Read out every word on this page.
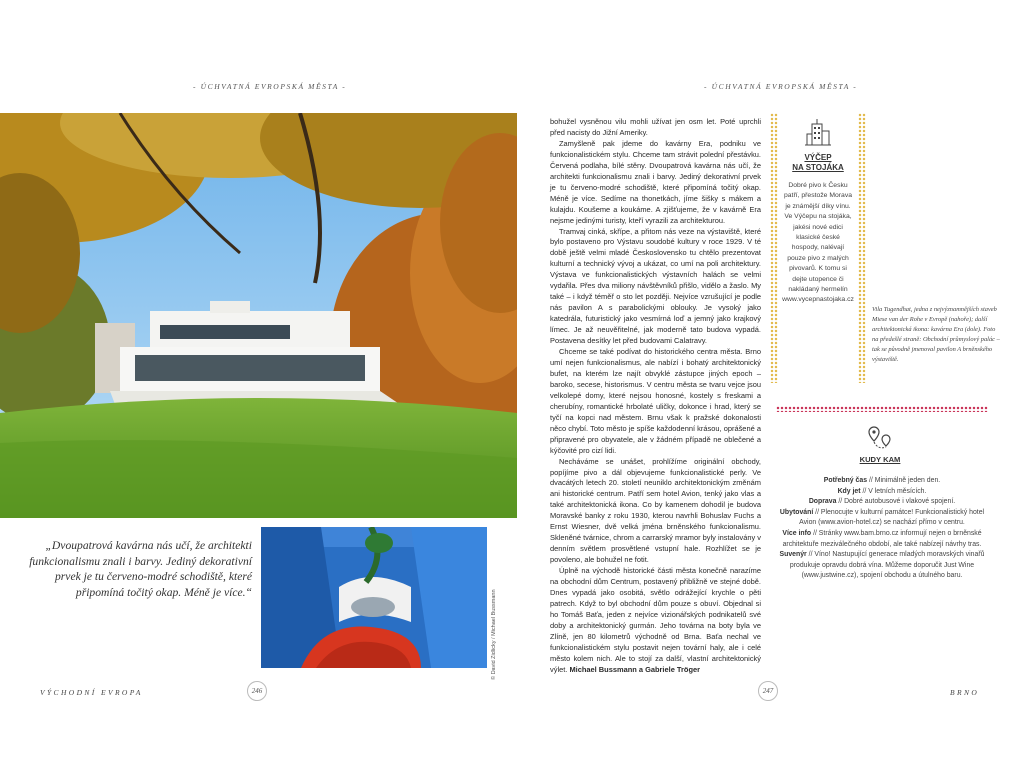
- ÚCHVATNÁ EVROPSKÁ MĚSTA -	- ÚCHVATNÁ EVROPSKÁ MĚSTA -
„Dvoupatrová kavárna nás učí, že architekti funkcionalismu znali i barvy. Jediný dekorativní prvek je tu červeno-modré schodiště, které připomíná točitý okap. Méně je více.“	© David Zidlicky / Michael Bussmann

bohužel vysněnou vilu mohli užívat jen osm let. Poté uprchli před nacisty do Jižní Ameriky.

Zamyšleně pak jdeme do kavárny Era, podniku ve funkcionalistickém stylu. Chceme tam strávit polední přestávku. Červená podlaha, bílé stěny. Dvoupatrová kavárna nás učí, že architekti funkcionalismu znali i barvy. Jediný dekorativní prvek je tu červeno-modré schodiště, které připomíná točitý okap. Méně je více. Sedíme na thonetkách, jíme šišky s mákem a kulajdu. Koušeme a koukáme. A zjišťujeme, že v kavárně Era nejsme jedinými turisty, kteří vyrazili za architekturou.

Tramvaj cinká, skřípe, a přitom nás veze na výstaviště, které bylo postaveno pro Výstavu soudobé kultury v roce 1929. V té době ještě velmi mladé Československo tu chtělo prezentovat kulturní a technický vývoj a ukázat, co umí na poli architektury. Výstava ve funkcionalistických výstavních halách se velmi vydařila. Přes dva miliony návštěvníků přišlo, vidělo a žaslo. My také – i když téměř o sto let později. Nejvíce vzrušující je podle nás pavilon A s parabolickými oblouky. Je vysoký jako katedrála, futuristický jako vesmírná loď a jemný jako krajkový límec. Je až neuvěřitelné, jak moderně tato budova vypadá. Postavena desítky let před budovami Calatravy.

Chceme se také podívat do historického centra města. Brno umí nejen funkcionalismus, ale nabízí i bohatý architektonický bufet, na kterém lze najít obvyklé zástupce jiných epoch – baroko, secese, historismus. V centru města se tvaru vejce jsou velkolepé domy, které nejsou honosné, kostely s freskami a cherubíny, romantické hrbolaté uličky, dokonce i hrad, který se tyčí na kopci nad městem. Brnu však k pražské dokonalosti něco chybí. Toto město je spíše každodenní krásou, oprášené a připravené pro obyvatele, ale v žádném případě ne oblečené a kýčovité pro cizí lidi.

Necháváme se unášet, prohlížíme originální obchody, popíjíme pivo a dál objevujeme funkcionalistické perly. Ve dvacátých letech 20. století neuniklo architektonickým změnám ani historické centrum. Patří sem hotel Avion, tenký jako vlas a také architektonická ikona. Co by kamenem dohodil je budova Moravské banky z roku 1930, kterou navrhli Bohuslav Fuchs a Ernst Wiesner, dvě velká jména brněnského funkcionalismu. Skleněné tvárnice, chrom a carrarský mramor byly instalovány v denním světlem prosvětlené vstupní hale. Rozhlížet se je povoleno, ale bohužel ne fotit.

Úplně na východě historické části města konečně narazíme na obchodní dům Centrum, postavený přibližně ve stejné době. Dnes vypadá jako osobitá, světlo odrážející krychle o pěti patrech. Když to byl obchodní dům pouze s obuví. Objednal si ho Tomáš Baťa, jeden z nejvíce vizionářských podnikatelů své doby a architektonický gurmán. Jeho továrna na boty byla ve Zlíně, jen 80 kilometrů východně od Brna. Baťa nechal ve funkcionalistickém stylu postavit nejen tovární haly, ale i celé město kolem nich. Ale to stojí za další, vlastní architektonický výlet. Michael Bussmann a Gabriele Tröger

VÝČEP
NA STOJÁKA
Dobré pivo k Česku patří, přestože Morava je známější díky vínu. Ve Výčepu na stojáka, jakési nové edici klasické české hospody, nalévají pouze pivo z malých pivovarů. K tomu si dejte utopence či nakládaný hermelín www.vycepnastojaka.cz
Vila Tugendhat, jedna z nejvýznamnějších staveb Miese van der Rohe v Evropě (nahoře); další architektonická ikona: kavárna Era (dole). Foto na předešlé straně: Obchodní průmyslový palác – tak se původně jmenoval pavilon A brněnského výstaviště.
KUDY KAM
Potřebný čas // Minimálně jeden den.
Kdy jet // V letních měsících.
Doprava // Dobré autobusové i vlakové spojení.
Ubytování // Plenocujte v kulturní památce! Funkcionalistický hotel Avion (www.avion-hotel.cz) se nachází přímo v centru.
Více info // Stránky www.bam.brno.cz informují nejen o brněnské architektuře meziválečného období, ale také nabízejí návrhy tras.
Suvenýr // Víno! Nastupující generace mladých moravských vinařů produkuje opravdu dobrá vína. Můžeme doporučit Just Wine (www.justwine.cz), spojení obchodu a útulného baru.
VÝCHODNÍ EVROPA	246	247	BRNO
